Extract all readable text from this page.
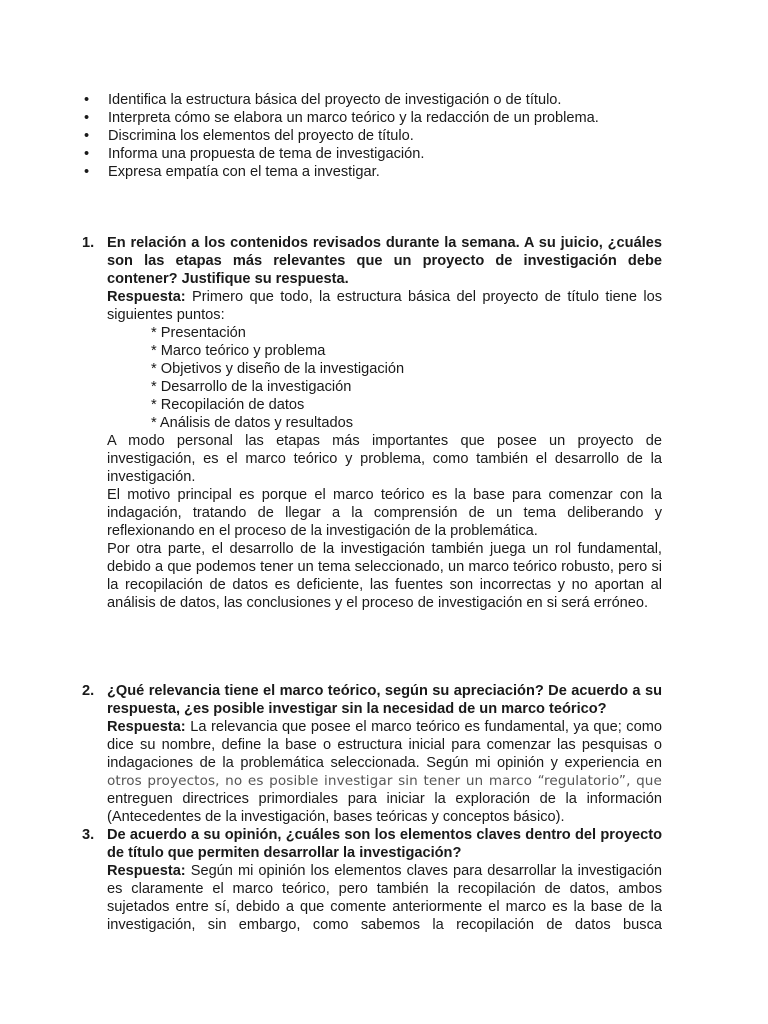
• Identifica la estructura básica del proyecto de investigación o de título.
• Interpreta cómo se elabora un marco teórico y la redacción de un problema.
• Discrimina los elementos del proyecto de título.
• Informa una propuesta de tema de investigación.
• Expresa empatía con el tema a investigar.
1. En relación a los contenidos revisados durante la semana. A su juicio, ¿cuáles son las etapas más relevantes que un proyecto de investigación debe contener? Justifique su respuesta.

Respuesta: Primero que todo, la estructura básica del proyecto de título tiene los siguientes puntos:

* Presentación
* Marco teórico y problema
* Objetivos y diseño de la investigación
* Desarrollo de la investigación
* Recopilación de datos
* Análisis de datos y resultados

A modo personal las etapas más importantes que posee un proyecto de investigación, es el marco teórico y problema, como también el desarrollo de la investigación.

El motivo principal es porque el marco teórico es la base para comenzar con la indagación, tratando de llegar a la comprensión de un tema deliberando y reflexionando en el proceso de la investigación de la problemática.

Por otra parte, el desarrollo de la investigación también juega un rol fundamental, debido a que podemos tener un tema seleccionado, un marco teórico robusto, pero si la recopilación de datos es deficiente, las fuentes son incorrectas y no aportan al análisis de datos, las conclusiones y el proceso de investigación en si será erróneo.

2. ¿Qué relevancia tiene el marco teórico, según su apreciación? De acuerdo a su respuesta, ¿es posible investigar sin la necesidad de un marco teórico?

Respuesta: La relevancia que posee el marco teórico es fundamental, ya que; como dice su nombre, define la base o estructura inicial para comenzar las pesquisas o indagaciones de la problemática seleccionada. Según mi opinión y experiencia en otros proyectos, no es posible investigar sin tener un marco “regulatorio”, que entreguen directrices primordiales para iniciar la exploración de la información (Antecedentes de la investigación, bases teóricas y conceptos básico).

3. De acuerdo a su opinión, ¿cuáles son los elementos claves dentro del proyecto de título que permiten desarrollar la investigación?

Respuesta: Según mi opinión los elementos claves para desarrollar la investigación es claramente el marco teórico, pero también la recopilación de datos, ambos sujetados entre sí, debido a que comente anteriormente el marco es la base de la investigación, sin embargo, como sabemos la recopilación de datos busca
